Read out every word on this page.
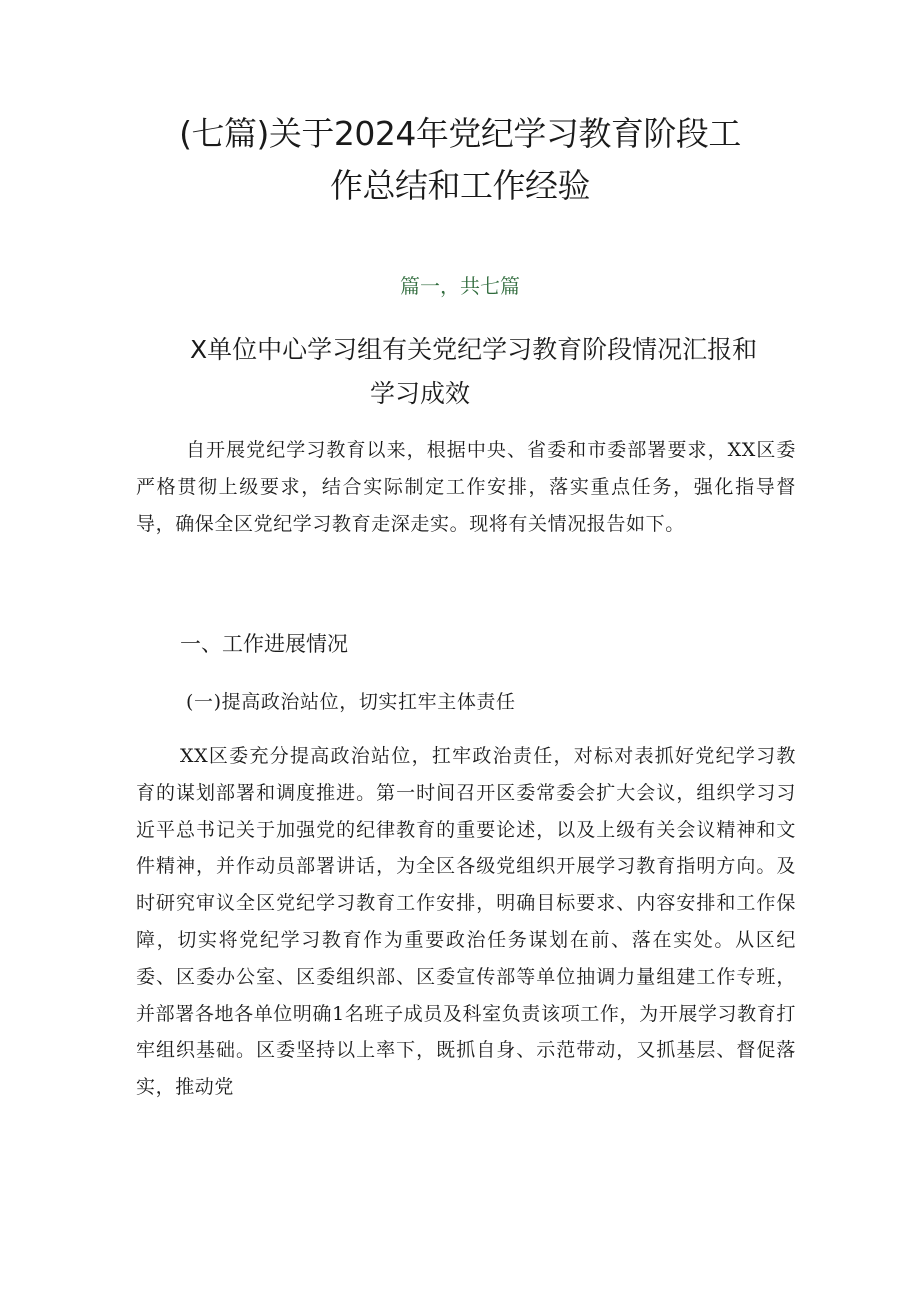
(七篇)关于2024年党纪学习教育阶段工
作总结和工作经验

篇一，共七篇

X单位中心学习组有关党纪学习教育阶段情况汇报和
学习成效

自开展党纪学习教育以来，根据中央、省委和市委部署要求，XX区委严格贯彻上级要求，结合实际制定工作安排，落实重点任务，强化指导督导，确保全区党纪学习教育走深走实。现将有关情况报告如下。

一、工作进展情况
(一)提高政治站位，切实扛牢主体责任

XX区委充分提高政治站位，扛牢政治责任，对标对表抓好党纪学习教育的谋划部署和调度推进。第一时间召开区委常委会扩大会议，组织学习习近平总书记关于加强党的纪律教育的重要论述，以及上级有关会议精神和文件精神，并作动员部署讲话，为全区各级党组织开展学习教育指明方向。及时研究审议全区党纪学习教育工作安排，明确目标要求、内容安排和工作保障，切实将党纪学习教育作为重要政治任务谋划在前、落在实处。从区纪委、区委办公室、区委组织部、区委宣传部等单位抽调力量组建工作专班，并部署各地各单位明确1名班子成员及科室负责该项工作，为开展学习教育打牢组织基础。区委坚持以上率下，既抓自身、示范带动，又抓基层、督促落实，推动党
